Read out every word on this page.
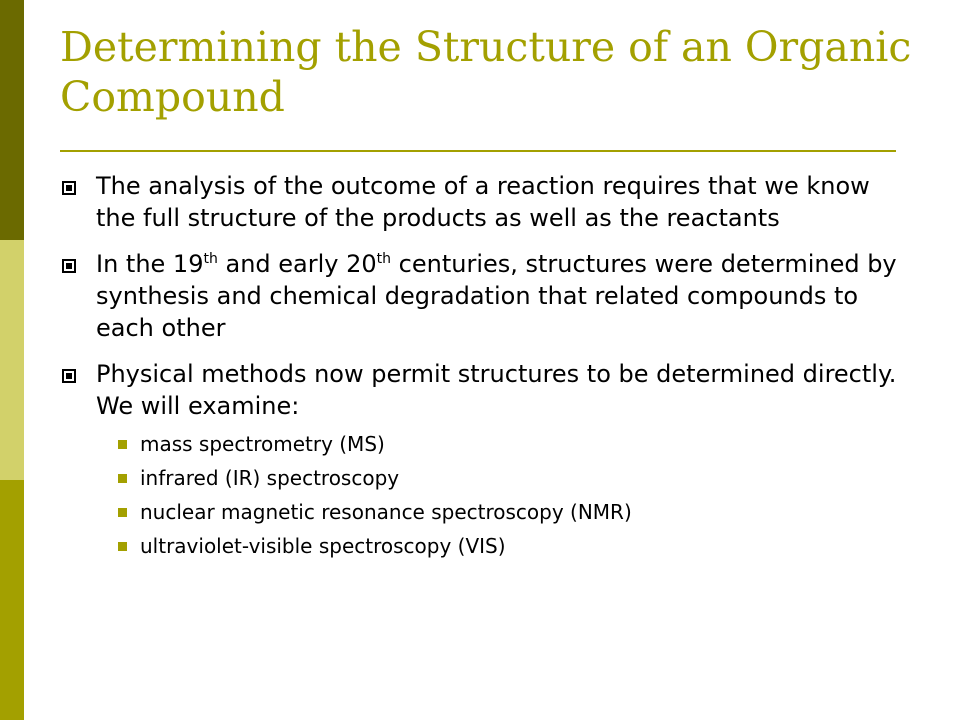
Determining the Structure of an Organic Compound
The analysis of the outcome of a reaction requires that we know the full structure of the products as well as the reactants
In the 19th and early 20th centuries, structures were determined by synthesis and chemical degradation that related compounds to each other
Physical methods now permit structures to be determined directly. We will examine:
mass spectrometry (MS)
infrared (IR) spectroscopy
nuclear magnetic resonance spectroscopy (NMR)
ultraviolet-visible spectroscopy (VIS)
